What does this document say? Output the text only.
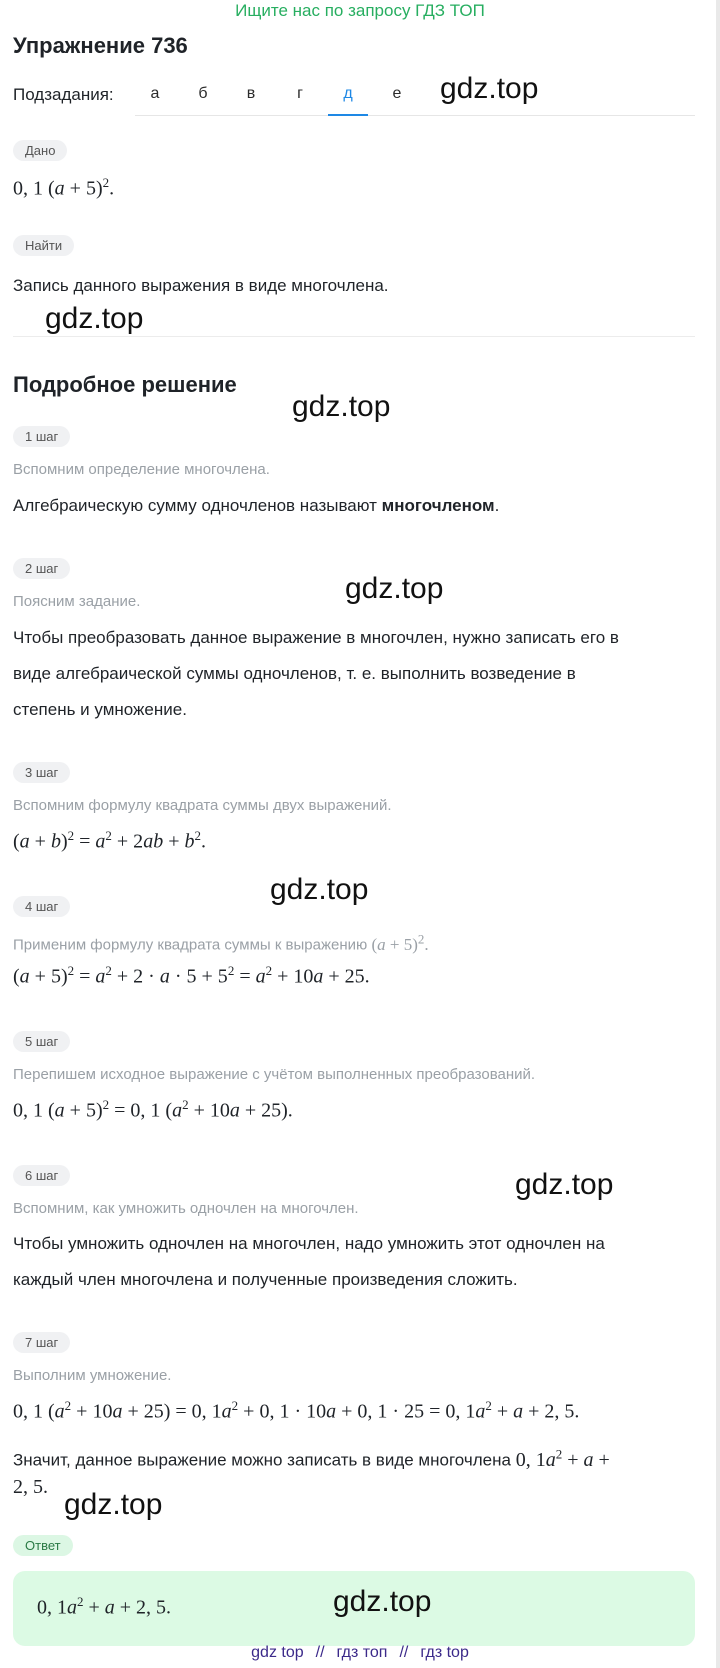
Ищите нас по запросу ГДЗ ТОП
Упражнение 736
Подзадания:	а	б	в	г	д	е	gdz.top
Дано
0, 1 $(a + 5)^2$.
Найти
Запись данного выражения в виде многочлена.
gdz.top
Подробное решение
gdz.top
1 шаг
Вспомним определение многочлена.
Алгебраическую сумму одночленов называют многочленом.
2 шаг
gdz.top
Поясним задание.
Чтобы преобразовать данное выражение в многочлен, нужно записать его в
виде алгебраической суммы одночленов, т. е. выполнить возведение в
степень и умножение.
3 шаг
Вспомним формулу квадрата суммы двух выражений.
$(a + b)^2 = a^2 + 2ab + b^2$.
gdz.top
4 шаг
Применим формулу квадрата суммы к выражению $(a + 5)^2$.
$(a + 5)^2 = a^2 + 2 \cdot a \cdot 5 + 5^2 = a^2 + 10a + 25$.
5 шаг
Перепишем исходное выражение с учётом выполненных преобразований.
0, 1 $(a + 5)^2 = 0$, 1 $(a^2 + 10a + 25)$.
6 шаг	gdz.top
Вспомним, как умножить одночлен на многочлен.
Чтобы умножить одночлен на многочлен, надо умножить этот одночлен на
каждый член многочлена и полученные произведения сложить.
7 шаг
Выполним умножение.
0, 1 $(a^2 + 10a + 25) = 0$, $1a^2 + 0$, 1 · 10a + 0, 1 · 25 = 0, $1a^2 + a + 2$, 5.
Значит, данное выражение можно записать в виде многочлена 0, $1a^2 + a$ +
2, 5.
gdz.top
Ответ
0, $1a^2 + a + 2$, 5.	gdz.top
gdz top // гдз топ // гдз top
